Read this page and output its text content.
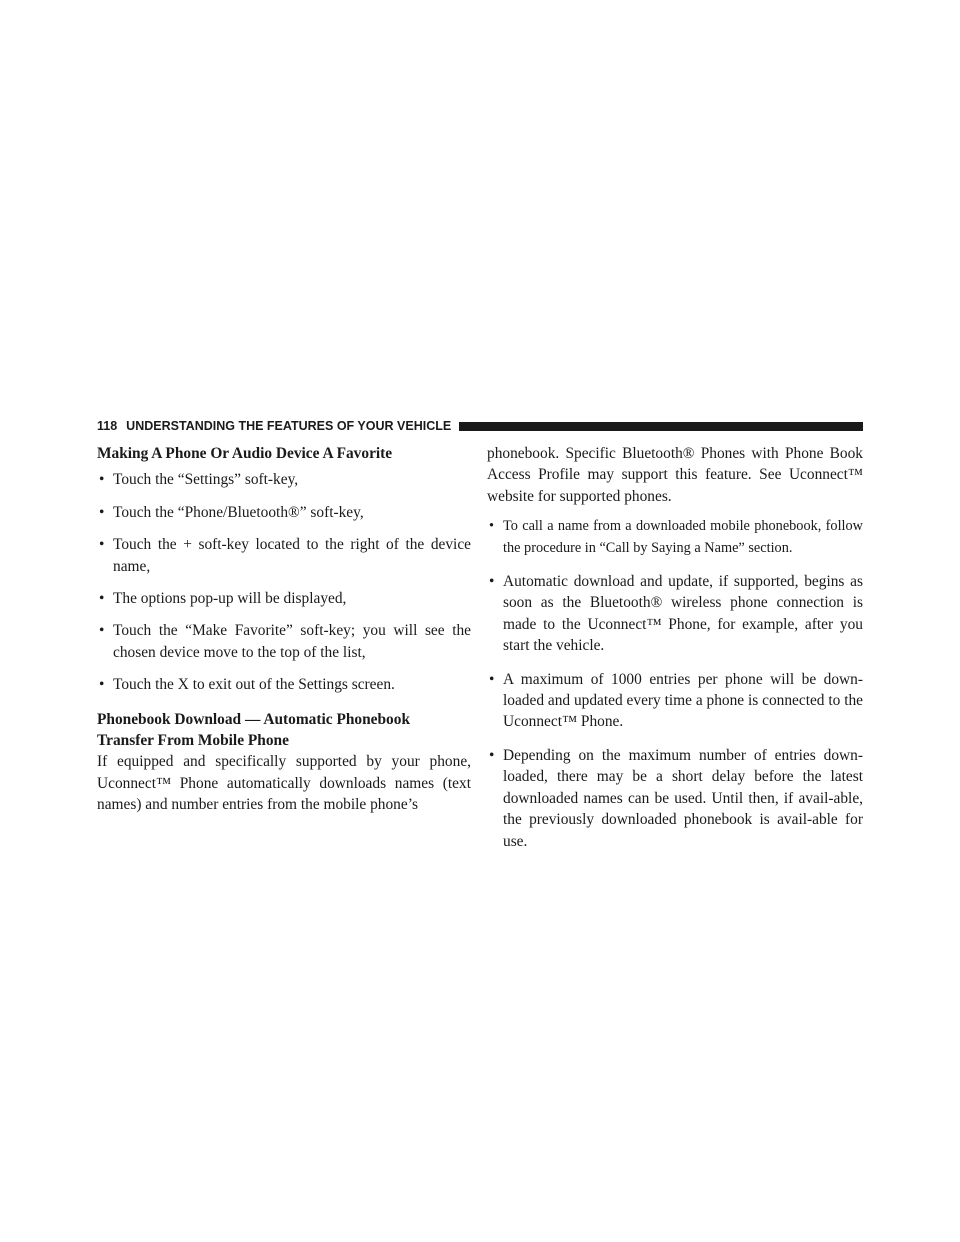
118 UNDERSTANDING THE FEATURES OF YOUR VEHICLE

Making A Phone Or Audio Device A Favorite

• Touch the “Settings” soft-key,
• Touch the “Phone/Bluetooth®” soft-key,
• Touch the + soft-key located to the right of the device name,
• The options pop-up will be displayed,
• Touch the “Make Favorite” soft-key; you will see the chosen device move to the top of the list,
• Touch the X to exit out of the Settings screen.

Phonebook Download — Automatic Phonebook
Transfer From Mobile Phone

If equipped and specifically supported by your phone, Uconnect™ Phone automatically downloads names (text names) and number entries from the mobile phone’s

phonebook. Specific Bluetooth® Phones with Phone Book Access Profile may support this feature. See Uconnect™ website for supported phones.

• To call a name from a downloaded mobile phonebook, follow the procedure in “Call by Saying a Name” section.
• Automatic download and update, if supported, begins as soon as the Bluetooth® wireless phone connection is made to the Uconnect™ Phone, for example, after you start the vehicle.
• A maximum of 1000 entries per phone will be down-loaded and updated every time a phone is connected to the Uconnect™ Phone.
• Depending on the maximum number of entries down-loaded, there may be a short delay before the latest downloaded names can be used. Until then, if avail-able, the previously downloaded phonebook is avail-able for use.
